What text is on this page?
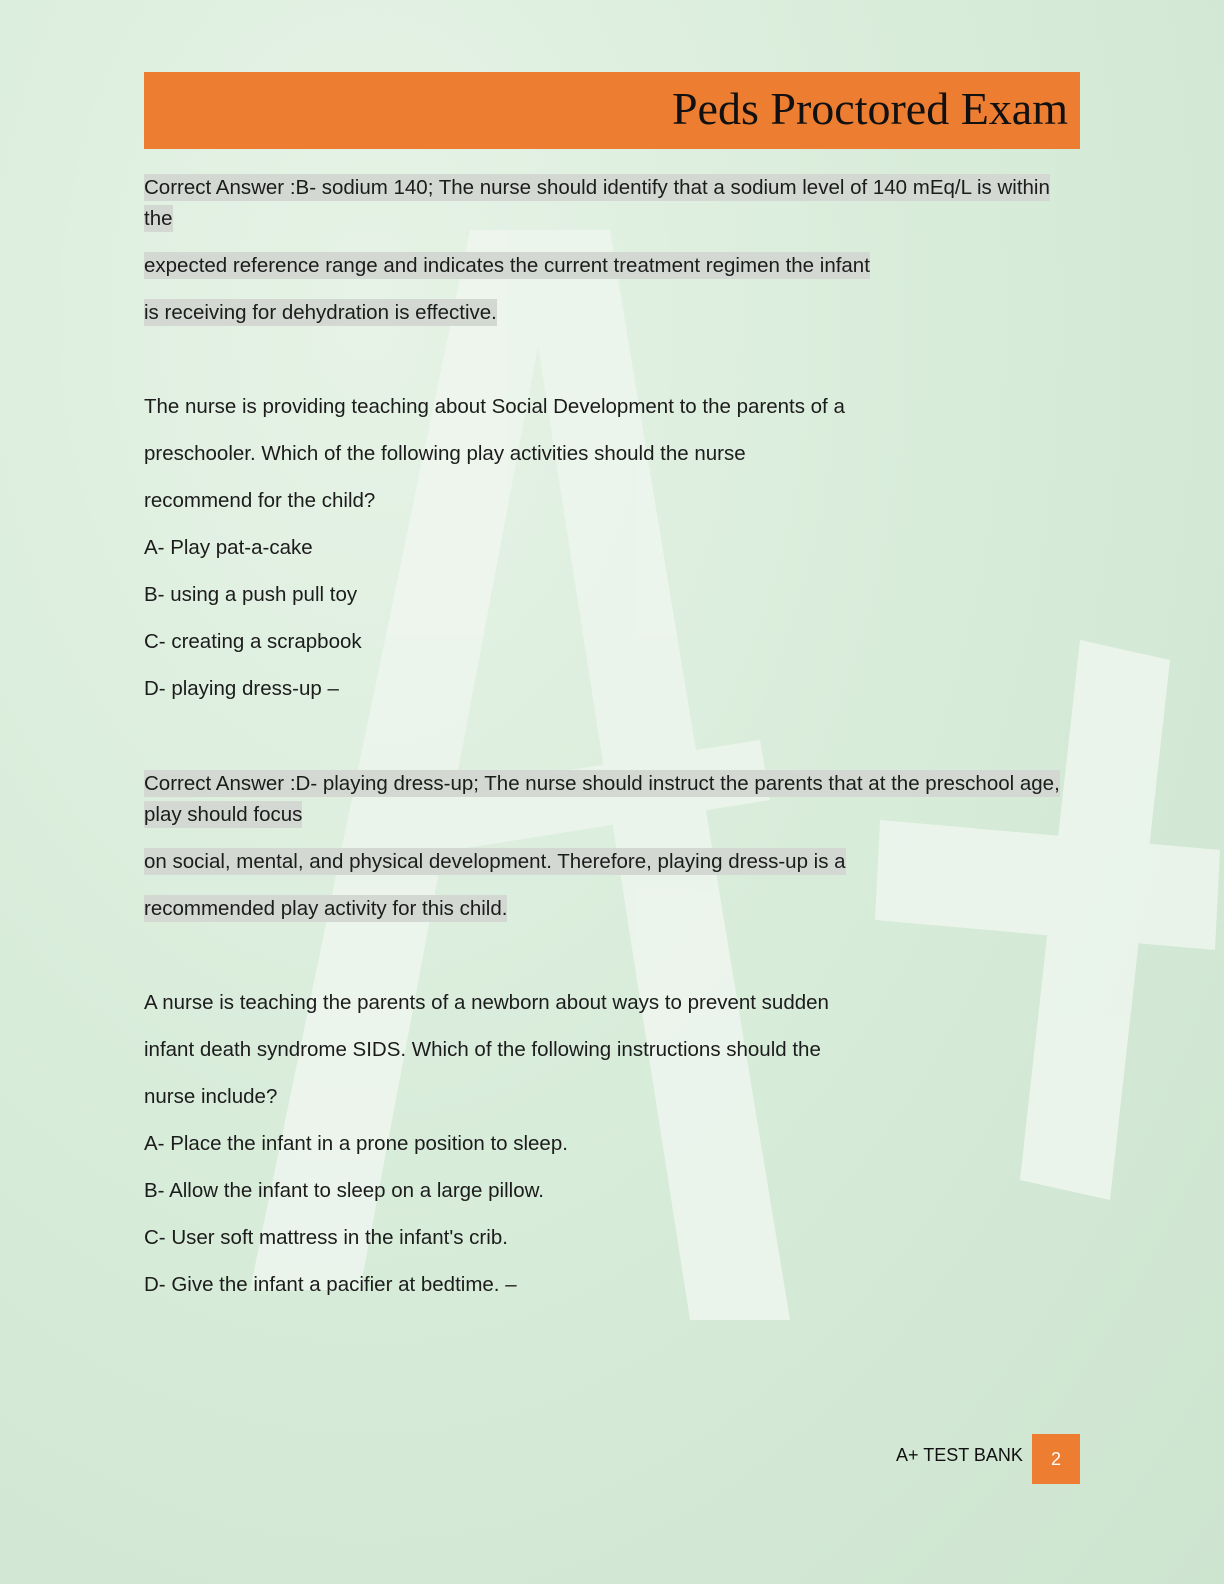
Peds Proctored Exam
Correct Answer :B- sodium 140; The nurse should identify that a sodium level of 140 mEq/L is within the
expected reference range and indicates the current treatment regimen the infant
is receiving for dehydration is effective.
The nurse is providing teaching about Social Development to the parents of a
preschooler. Which of the following play activities should the nurse
recommend for the child?
A- Play pat-a-cake
B- using a push pull toy
C- creating a scrapbook
D- playing dress-up –
Correct Answer :D- playing dress-up; The nurse should instruct the parents that at the preschool age, play should focus
on social, mental, and physical development. Therefore, playing dress-up is a
recommended play activity for this child.
A nurse is teaching the parents of a newborn about ways to prevent sudden
infant death syndrome SIDS. Which of the following instructions should the
nurse include?
A- Place the infant in a prone position to sleep.
B- Allow the infant to sleep on a large pillow.
C- User soft mattress in the infant's crib.
D- Give the infant a pacifier at bedtime. –
A+ TEST BANK	2
